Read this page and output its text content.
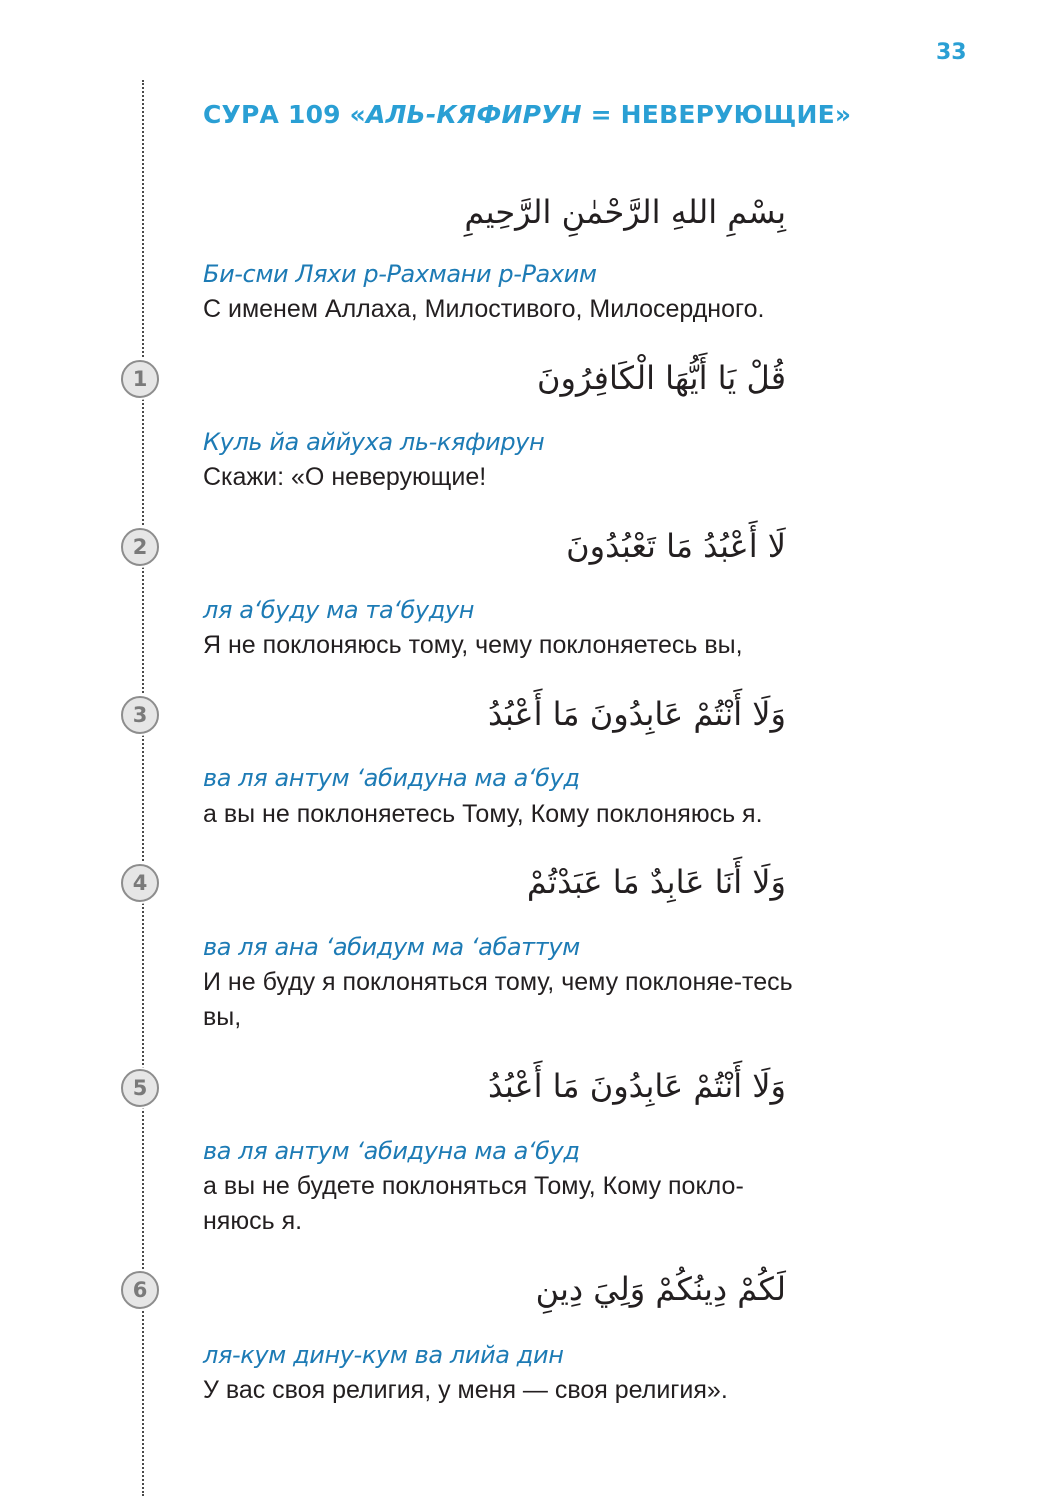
33
СУРА 109 «АЛЬ-КЯФИРУН = НЕВЕРУЮЩИЕ»
بِسْمِ اللهِ الرَّحْمٰنِ الرَّحِيمِ
Би-сми Ляхи р-Рахмани р-Рахим
С именем Аллаха, Милостивого, Милосердного.
1	قُلْ يَا أَيُّهَا الْكَافِرُونَ
Куль йа аййуха ль-кяфирун
Скажи: «О неверующие!
2	لَا أَعْبُدُ مَا تَعْبُدُونَ
ля а‘буду ма та‘будун
Я не поклоняюсь тому, чему поклоняетесь вы,
3	وَلَا أَنْتُمْ عَابِدُونَ مَا أَعْبُدُ
ва ля антум ‘абидуна ма а‘буд
а вы не поклоняетесь Тому, Кому поклоняюсь я.
4	وَلَا أَنَا عَابِدٌ مَا عَبَدْتُمْ
ва ля ана ‘абидум ма ‘абаттум
И не буду я поклоняться тому, чему поклоняе-тесь вы,
5	وَلَا أَنْتُمْ عَابِدُونَ مَا أَعْبُدُ
ва ля антум ‘абидуна ма а‘буд
а вы не будете поклоняться Тому, Кому покло-няюсь я.
6	لَكُمْ دِينُكُمْ وَلِيَ دِينِ
ля-кум дину-кум ва лийа дин
У вас своя религия, у меня — своя религия».
